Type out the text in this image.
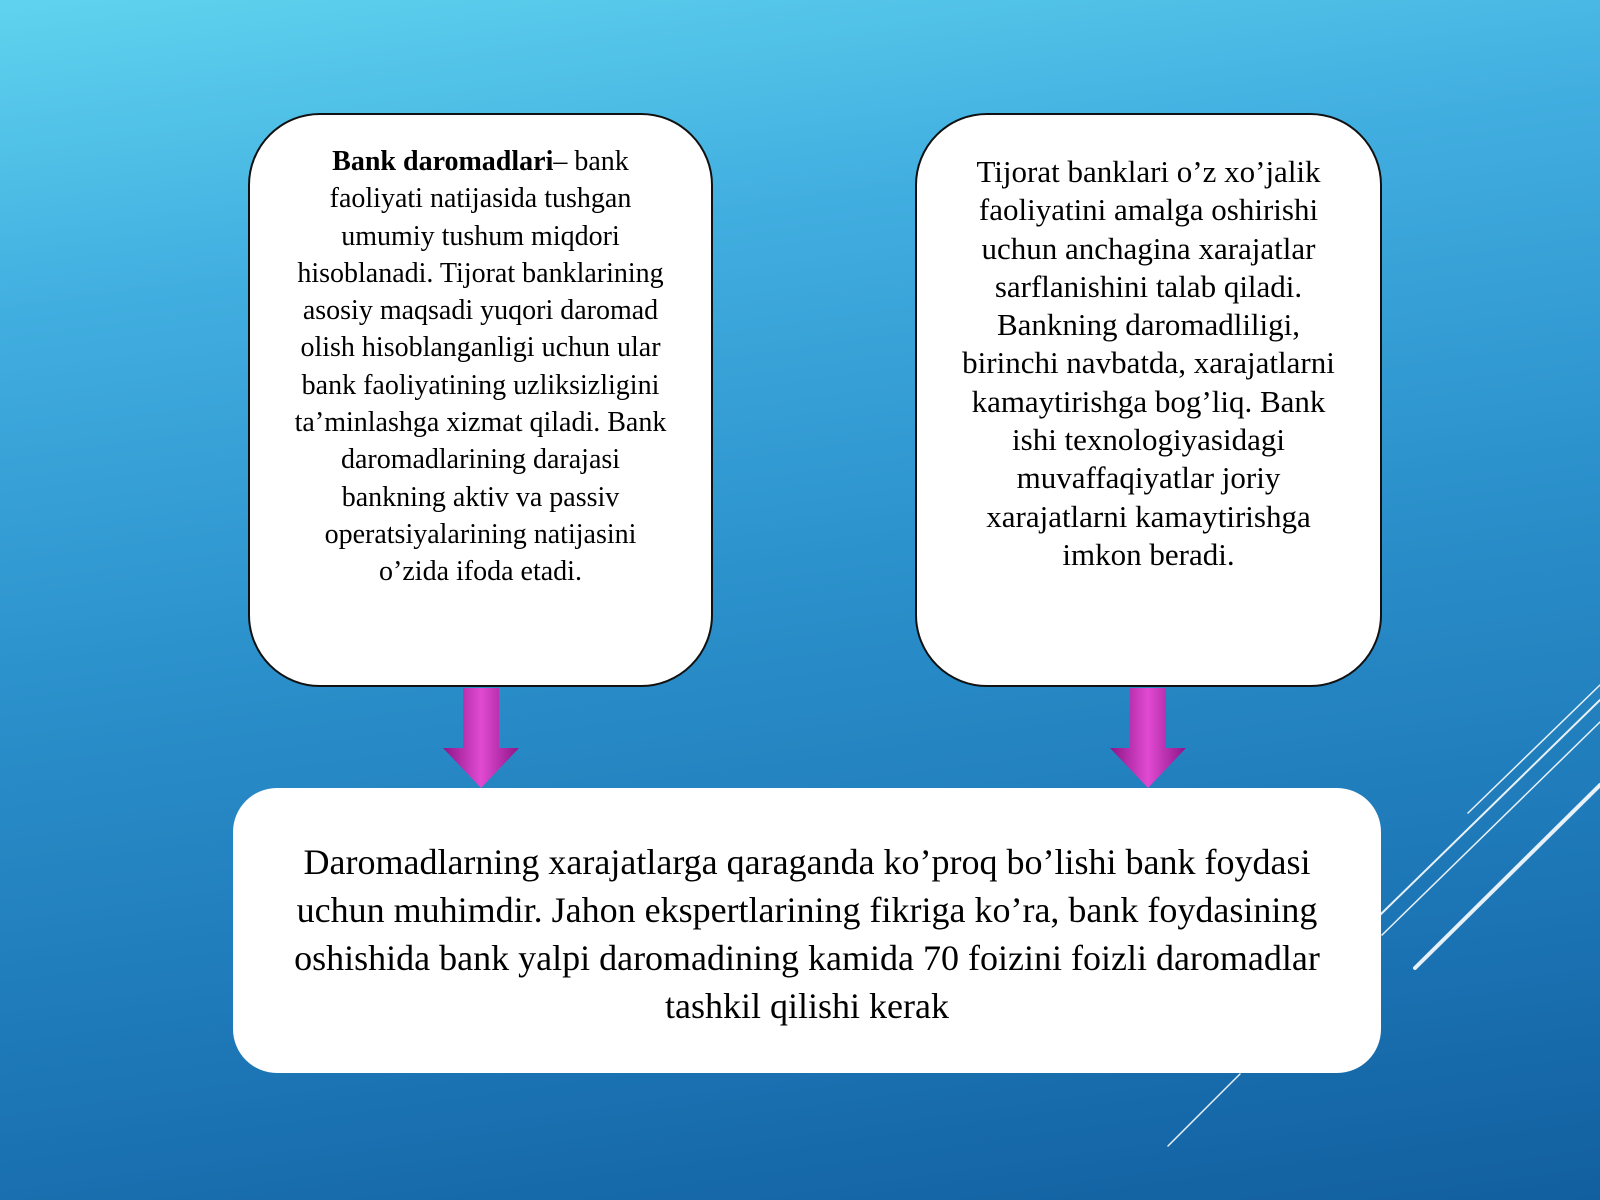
Bank daromadlari– bank faoliyati natijasida tushgan umumiy tushum miqdori hisoblanadi. Tijorat banklarining asosiy maqsadi yuqori daromad olish hisoblanganligi uchun ular bank faoliyatining uzliksizligini ta’minlashga xizmat qiladi. Bank daromadlarining darajasi bankning aktiv va passiv operatsiyalarining natijasini o’zida ifoda etadi.
Tijorat banklari o’z xo’jalik faoliyatini amalga oshirishi uchun anchagina xarajatlar sarflanishini talab qiladi. Bankning daromadliligi, birinchi navbatda, xarajatlarni kamaytirishga bog’liq. Bank ishi texnologiyasidagi muvaffaqiyatlar joriy xarajatlarni kamaytirishga imkon beradi.
Daromadlarning xarajatlarga qaraganda ko’proq bo’lishi bank foydasi uchun muhimdir. Jahon ekspertlarining fikriga ko’ra, bank foydasining oshishida bank yalpi daromadining kamida 70 foizini foizli daromadlar tashkil qilishi kerak
